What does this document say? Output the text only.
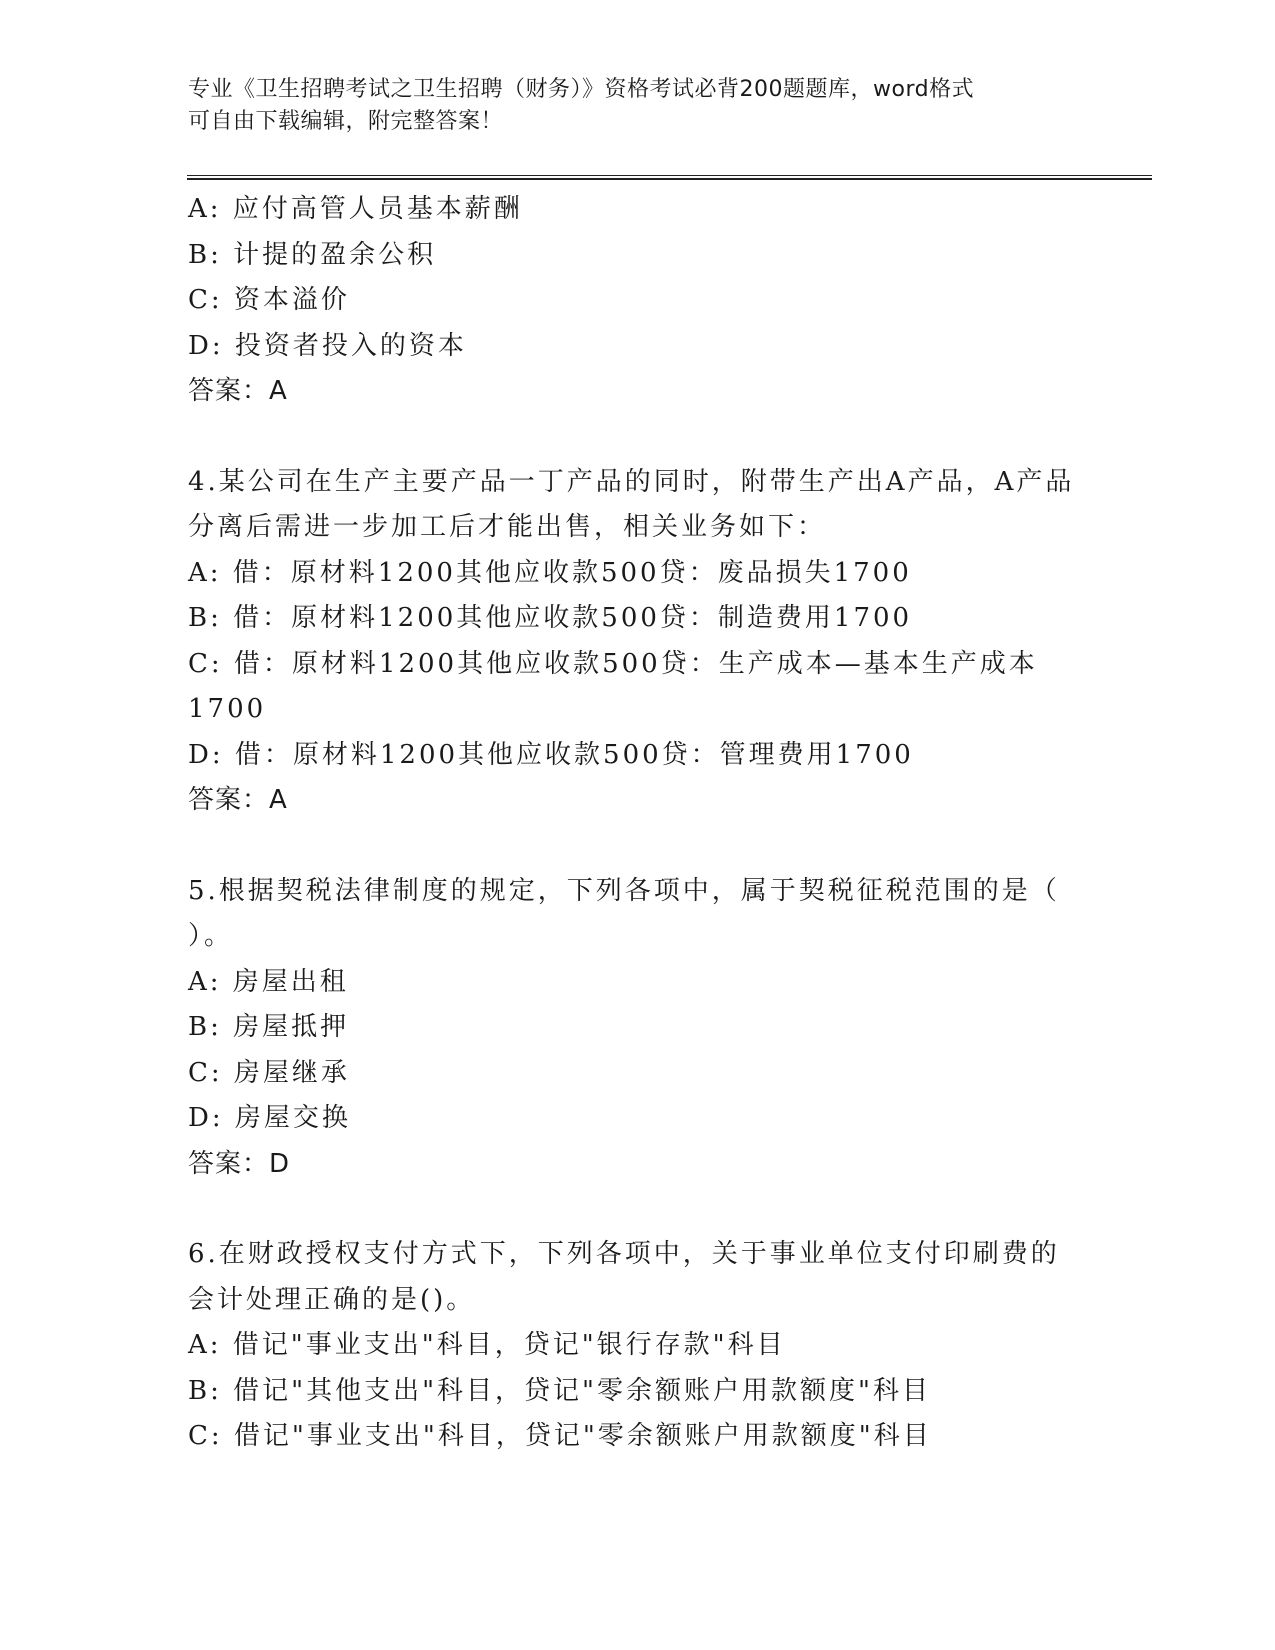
专业《卫生招聘考试之卫生招聘（财务）》资格考试必背200题题库，word格式
可自由下载编辑，附完整答案！
A: 应付高管人员基本薪酬
B: 计提的盈余公积
C: 资本溢价
D: 投资者投入的资本
答案：A
4.某公司在生产主要产品一丁产品的同时，附带生产出A产品，A产品
分离后需进一步加工后才能出售，相关业务如下：
A: 借：原材料1200其他应收款500贷：废品损失1700
B: 借：原材料1200其他应收款500贷：制造费用1700
C: 借：原材料1200其他应收款500贷：生产成本—基本生产成本
1700
D: 借：原材料1200其他应收款500贷：管理费用1700
答案：A
5.根据契税法律制度的规定，下列各项中，属于契税征税范围的是（
）。
A: 房屋出租
B: 房屋抵押
C: 房屋继承
D: 房屋交换
答案：D
6.在财政授权支付方式下，下列各项中，关于事业单位支付印刷费的
会计处理正确的是()。
A: 借记"事业支出"科目，贷记"银行存款"科目
B: 借记"其他支出"科目，贷记"零余额账户用款额度"科目
C: 借记"事业支出"科目，贷记"零余额账户用款额度"科目
